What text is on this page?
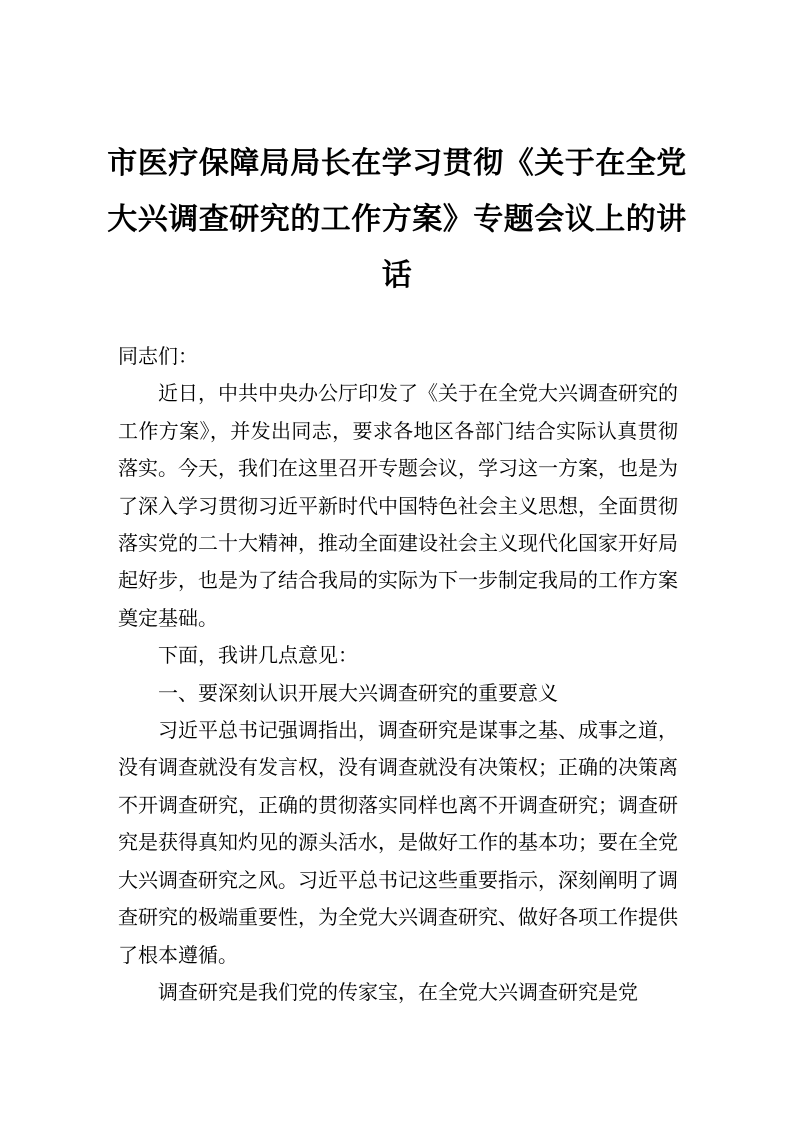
市医疗保障局局长在学习贯彻《关于在全党大兴调查研究的工作方案》专题会议上的讲话

同志们：

近日，中共中央办公厅印发了《关于在全党大兴调查研究的工作方案》，并发出同志，要求各地区各部门结合实际认真贯彻落实。今天，我们在这里召开专题会议，学习这一方案，也是为了深入学习贯彻习近平新时代中国特色社会主义思想，全面贯彻落实党的二十大精神，推动全面建设社会主义现代化国家开好局起好步，也是为了结合我局的实际为下一步制定我局的工作方案奠定基础。

下面，我讲几点意见：

一、要深刻认识开展大兴调查研究的重要意义

习近平总书记强调指出，调查研究是谋事之基、成事之道，没有调查就没有发言权，没有调查就没有决策权；正确的决策离不开调查研究，正确的贯彻落实同样也离不开调查研究；调查研究是获得真知灼见的源头活水，是做好工作的基本功；要在全党大兴调查研究之风。习近平总书记这些重要指示，深刻阐明了调查研究的极端重要性，为全党大兴调查研究、做好各项工作提供了根本遵循。

调查研究是我们党的传家宝，在全党大兴调查研究是党
